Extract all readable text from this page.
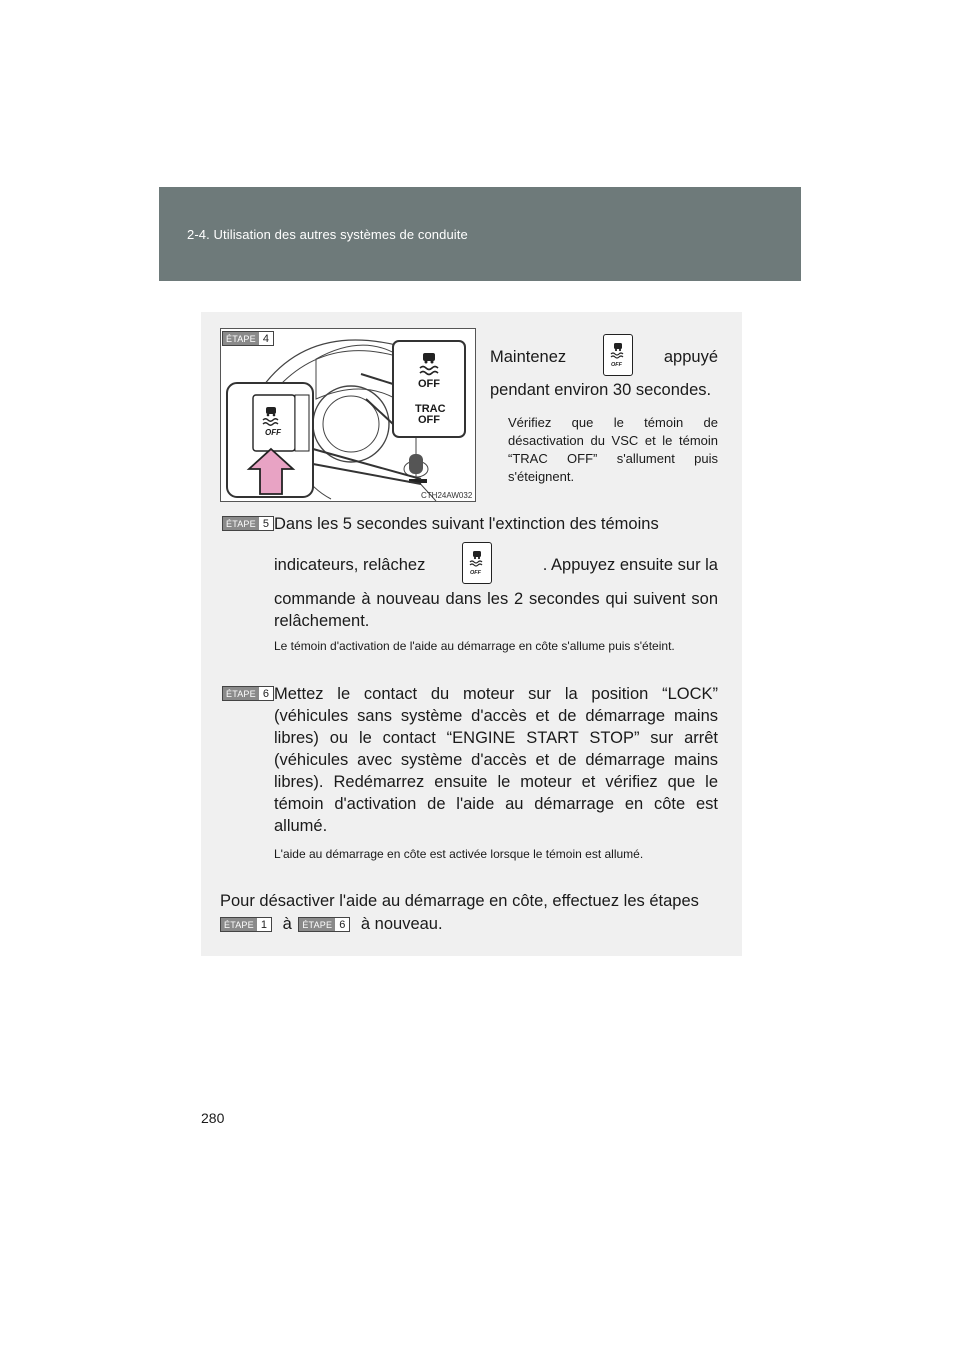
2-4. Utilisation des autres systèmes de conduite
OFF
TRAC
OFF
OFF
CTH24AW032
ÉTAPE 4
Maintenez	OFF	appuyé
pendant environ 30 secondes.
Vérifiez que le témoin de désactivation du VSC et le témoin “TRAC OFF” s'allument puis s'éteignent.
ÉTAPE 5 Dans les 5 secondes suivant l'extinction des témoins
indicateurs, relâchez	OFF	. Appuyez ensuite sur la
commande à nouveau dans les 2 secondes qui suivent son relâchement.
Le témoin d'activation de l'aide au démarrage en côte s'allume puis s'éteint.
ÉTAPE 6 Mettez le contact du moteur sur la position “LOCK” (véhicules sans système d'accès et de démarrage mains libres) ou le contact “ENGINE START STOP” sur arrêt (véhicules avec système d'accès et de démarrage mains libres). Redémarrez ensuite le moteur et vérifiez que le témoin d'activation de l'aide au démarrage en côte est allumé.
L'aide au démarrage en côte est activée lorsque le témoin est allumé.
Pour désactiver l'aide au démarrage en côte, effectuez les étapes
ÉTAPE 1 à	ÉTAPE 6 à nouveau.
280
